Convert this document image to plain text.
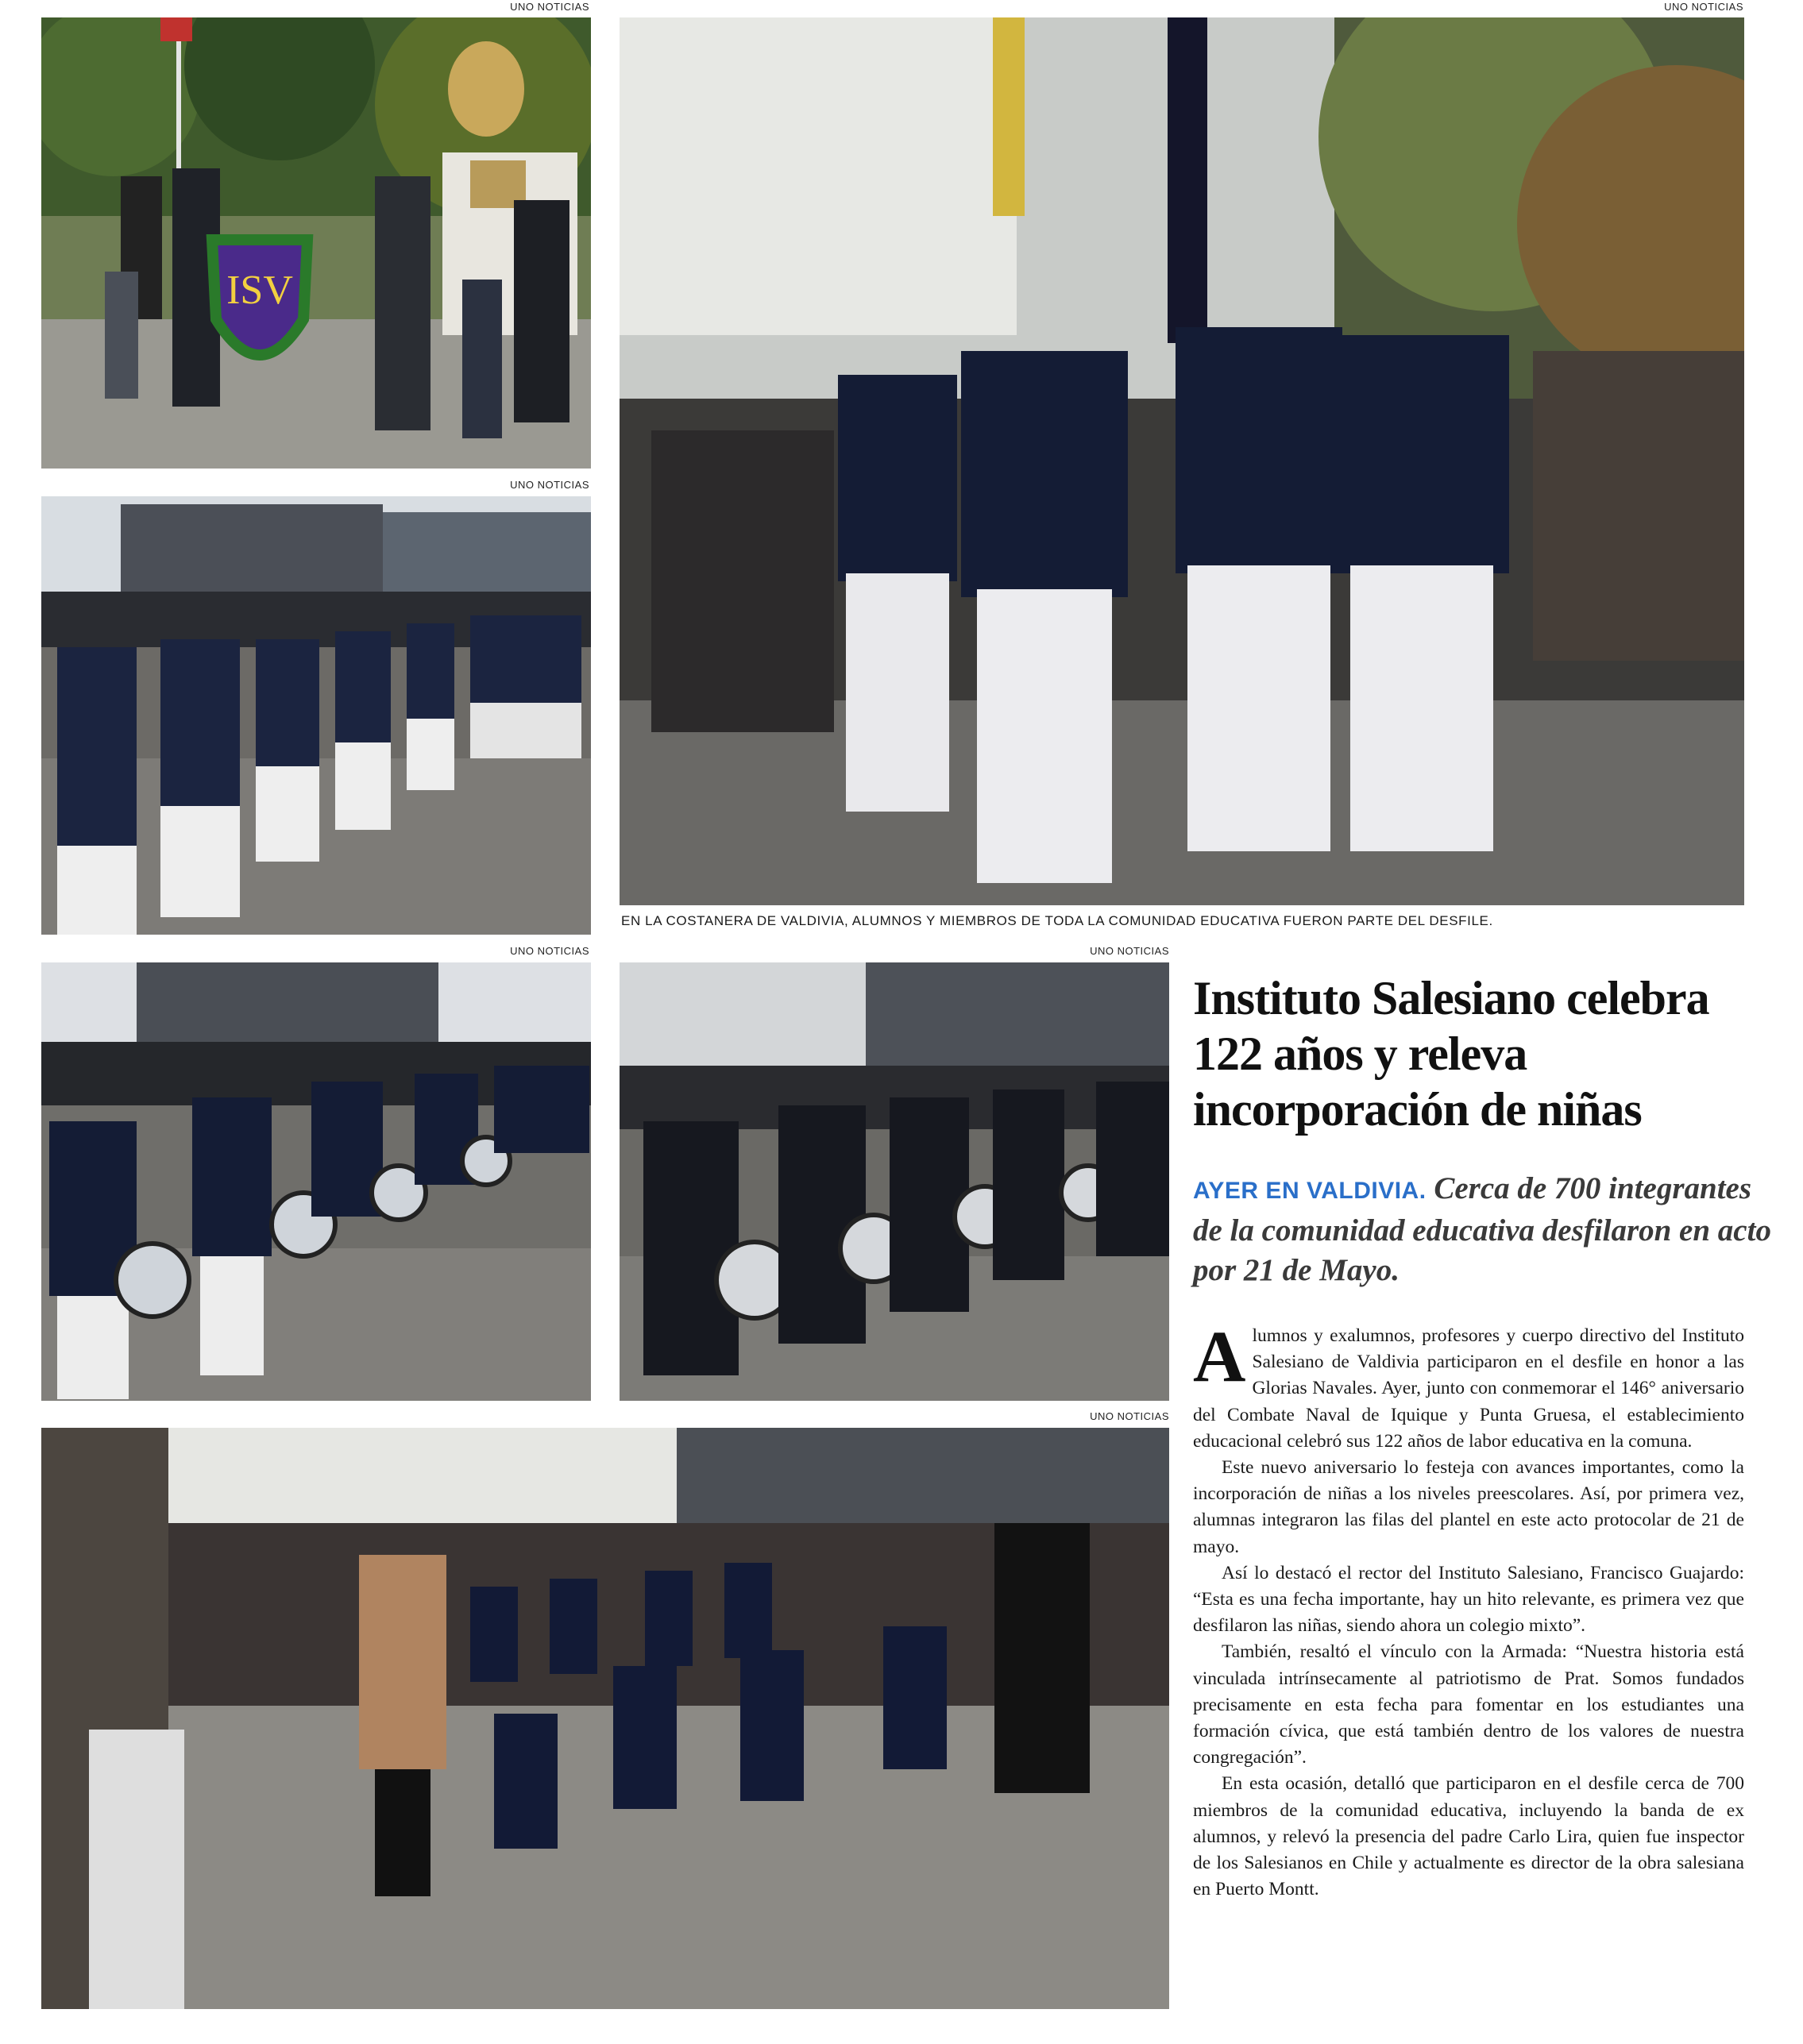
UNO NOTICIAS
ISV
UNO NOTICIAS
UNO NOTICIAS
EN LA COSTANERA DE VALDIVIA, ALUMNOS Y MIEMBROS DE TODA LA COMUNIDAD EDUCATIVA FUERON PARTE DEL DESFILE.
UNO NOTICIAS	UNO NOTICIAS
UNO NOTICIAS
Instituto Salesiano celebra 122 años y releva incorporación de niñas
AYER EN VALDIVIA. Cerca de 700 integrantes de la comunidad educativa desfilaron en acto por 21 de Mayo.

Alumnos y exalumnos, profesores y cuerpo directivo del Instituto Salesiano de Valdivia participaron en el desfile en honor a las Glorias Navales. Ayer, junto con conmemorar el 146° aniversario del Combate Naval de Iquique y Punta Gruesa, el establecimiento educacional celebró sus 122 años de labor educativa en la comuna.

Este nuevo aniversario lo festeja con avances importantes, como la incorporación de niñas a los niveles preescolares. Así, por primera vez, alumnas integraron las filas del plantel en este acto protocolar de 21 de mayo.

Así lo destacó el rector del Instituto Salesiano, Francisco Guajardo: “Esta es una fecha importante, hay un hito relevante, es primera vez que desfilaron las niñas, siendo ahora un colegio mixto”.

También, resaltó el vínculo con la Armada: “Nuestra historia está vinculada intrínsecamente al patriotismo de Prat. Somos fundados precisamente en esta fecha para fomentar en los estudiantes una formación cívica, que está también dentro de los valores de nuestra congregación”.

En esta ocasión, detalló que participaron en el desfile cerca de 700 miembros de la comunidad educativa, incluyendo la banda de ex alumnos, y relevó la presencia del padre Carlo Lira, quien fue inspector de los Salesianos en Chile y actualmente es director de la obra salesiana en Puerto Montt.
